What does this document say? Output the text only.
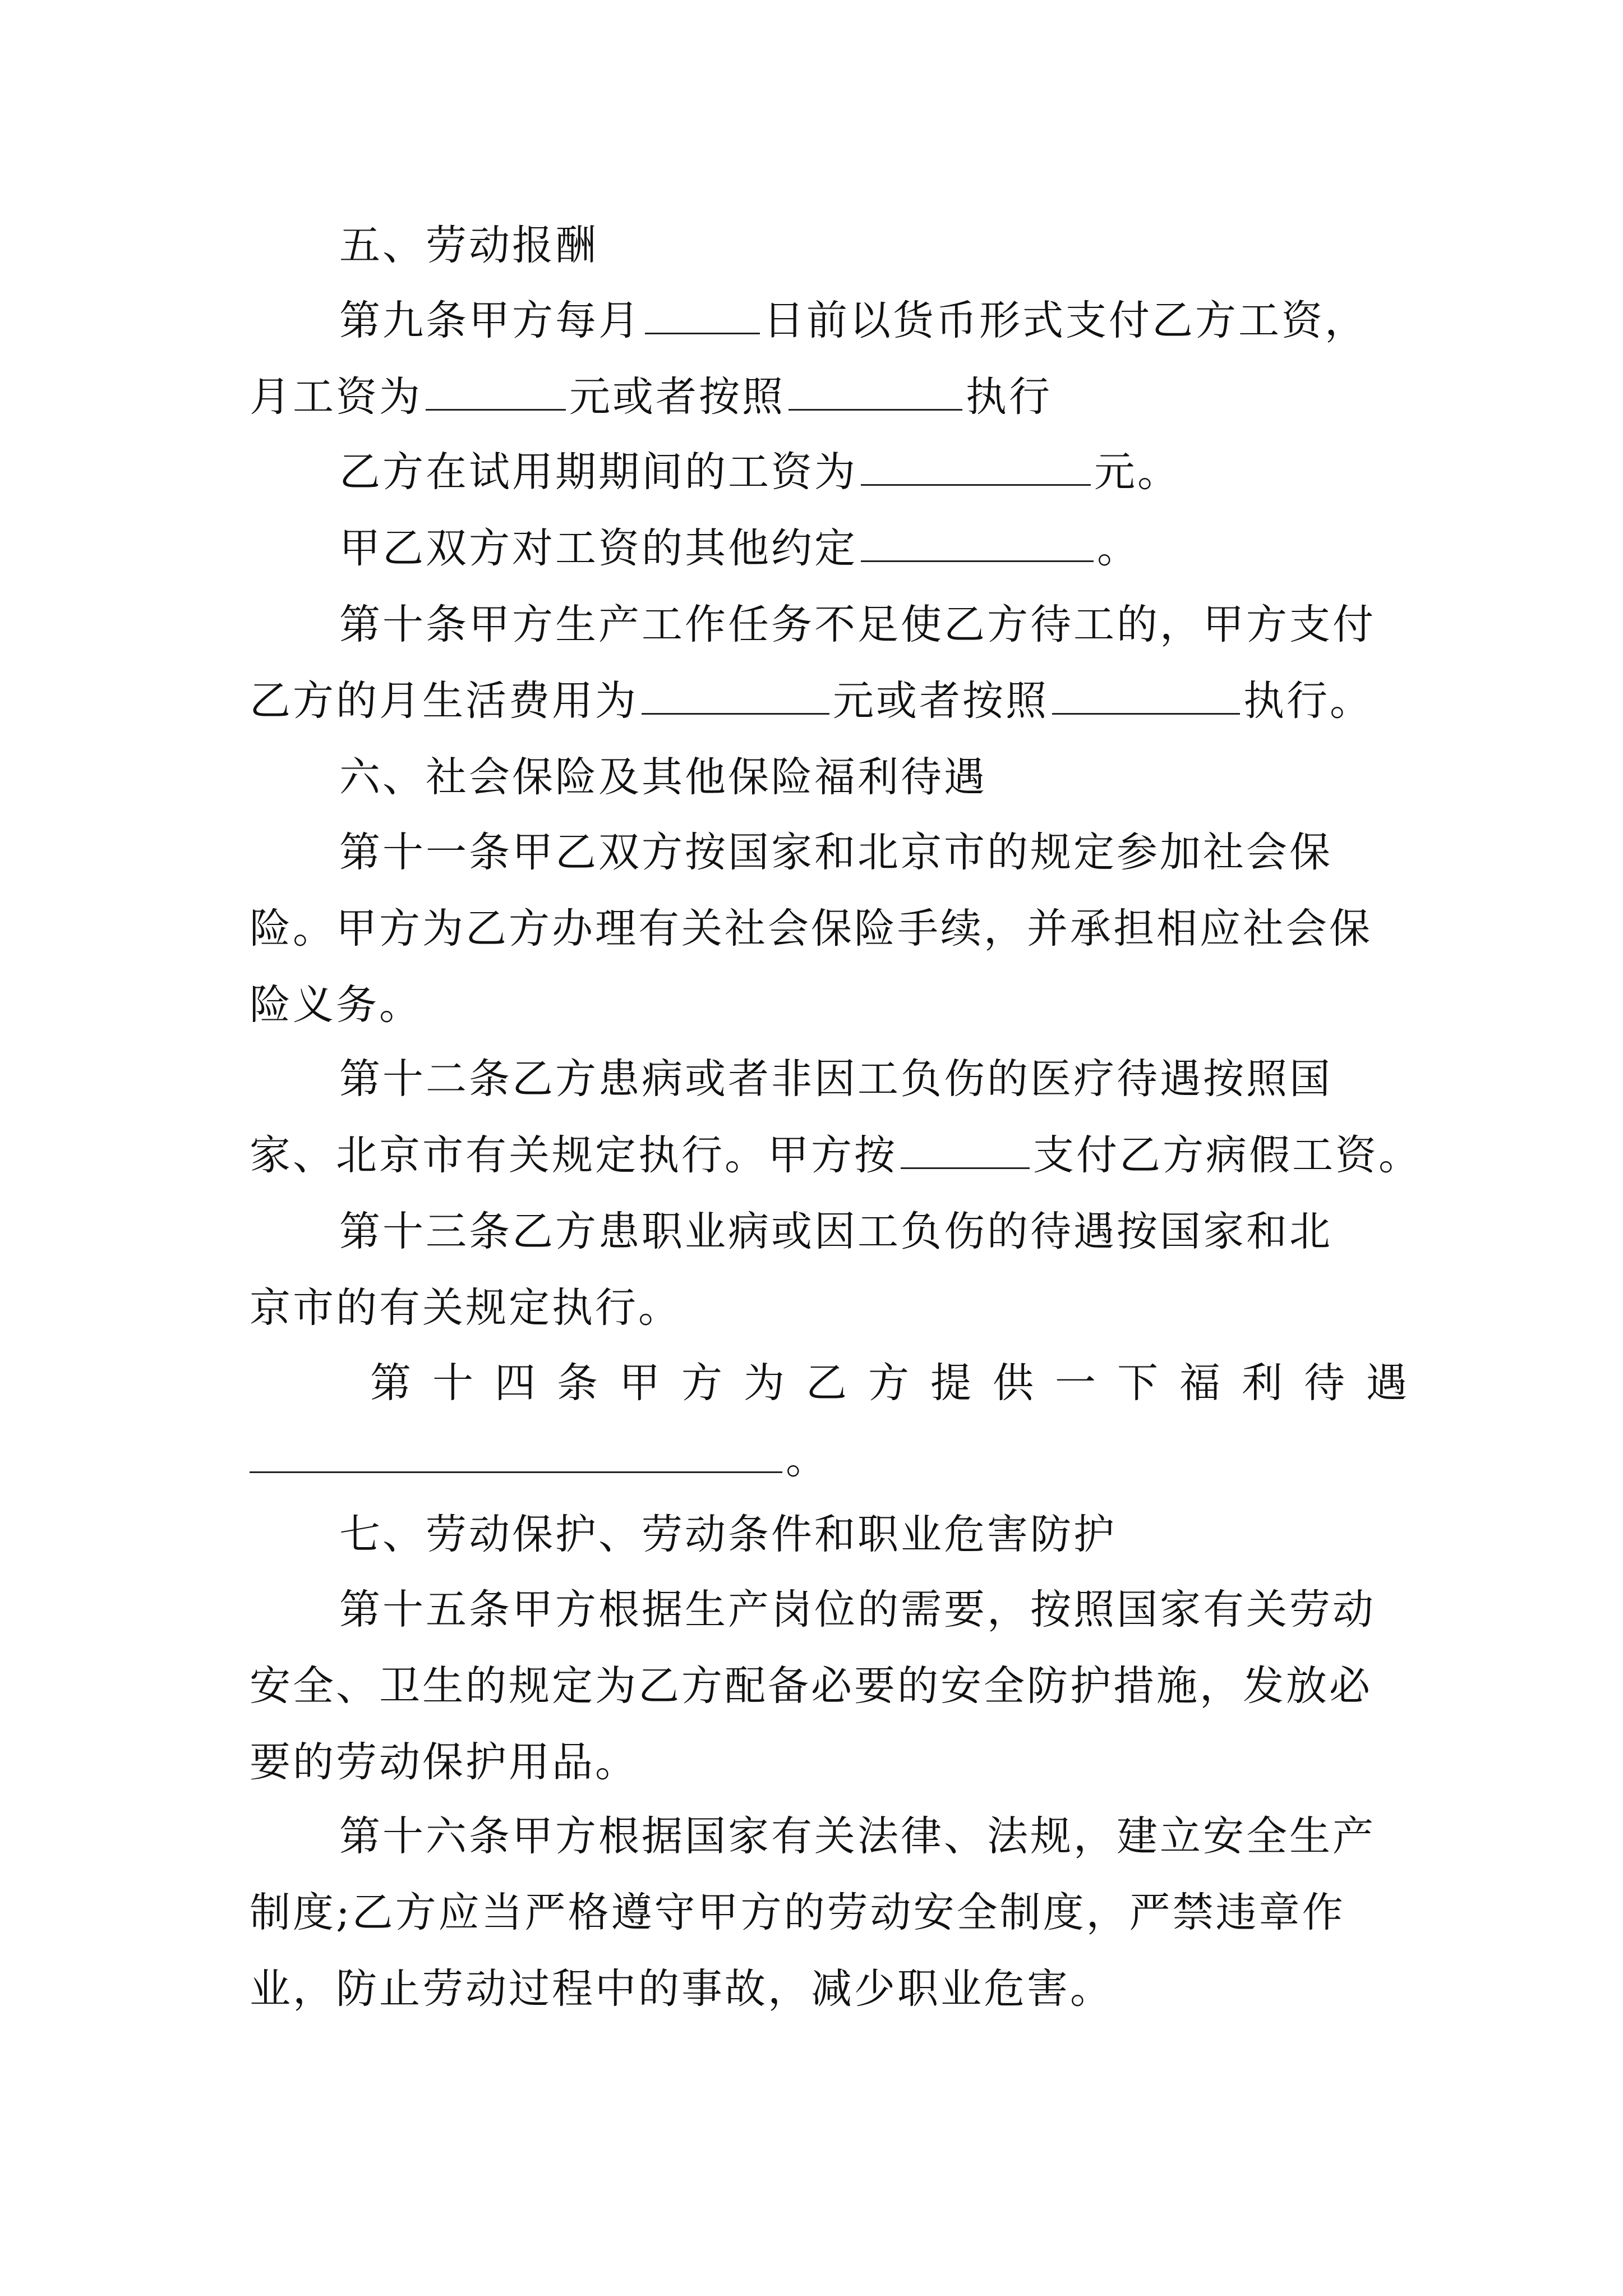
五、劳动报酬
第九条甲方每月	日前以货币形式支付乙方工资，
月工资为	元或者按照	执行
乙方在试用期期间的工资为	元。
甲乙双方对工资的其他约定	。
第十条甲方生产工作任务不足使乙方待工的，甲方支付
乙方的月生活费用为	元或者按照	执行。
六、社会保险及其他保险福利待遇
第十一条甲乙双方按国家和北京市的规定参加社会保
险。甲方为乙方办理有关社会保险手续，并承担相应社会保
险义务。
第十二条乙方患病或者非因工负伤的医疗待遇按照国
家、北京市有关规定执行。甲方按	支付乙方病假工资。
第十三条乙方患职业病或因工负伤的待遇按国家和北
京市的有关规定执行。
第十四条甲方为乙方提供一下福利待遇
。
七、劳动保护、劳动条件和职业危害防护
第十五条甲方根据生产岗位的需要，按照国家有关劳动
安全、卫生的规定为乙方配备必要的安全防护措施，发放必
要的劳动保护用品。
第十六条甲方根据国家有关法律、法规，建立安全生产
制度;乙方应当严格遵守甲方的劳动安全制度，严禁违章作
业，防止劳动过程中的事故，减少职业危害。
